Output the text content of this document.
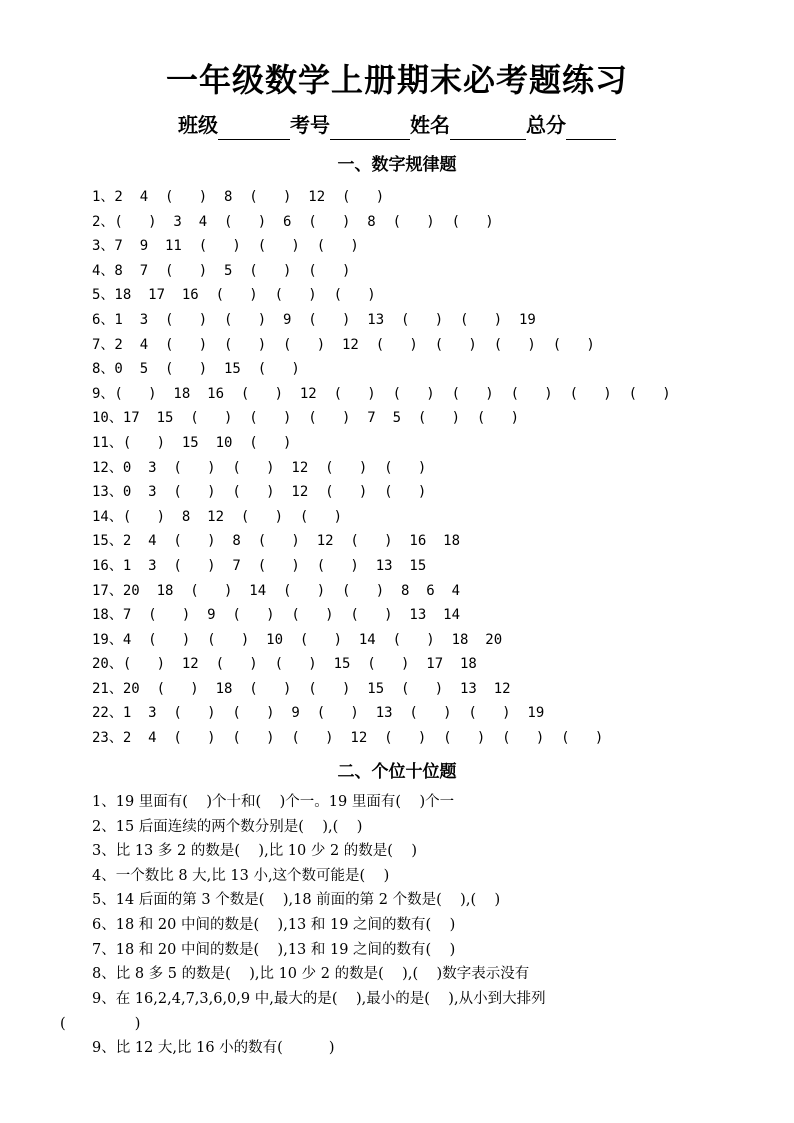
一年级数学上册期末必考题练习
班级	考号	姓名	总分
一、数字规律题
1、2  4  (   )  8  (   )  12  (   )
2、(   )  3  4  (   )  6  (   )  8  (   )  (   )
3、7  9  11  (   )  (   )  (   )
4、8  7  (   )  5  (   )  (   )
5、18  17  16  (   )  (   )  (   )
6、1  3  (   )  (   )  9  (   )  13  (   )  (   )  19
7、2  4  (   )  (   )  (   )  12  (   )  (   )  (   )  (   )
8、0  5  (   )  15  (   )
9、(   )  18  16  (   )  12  (   )  (   )  (   )  (   )  (   )  (   )
10、17  15  (   )  (   )  (   )  7  5  (   )  (   )
11、(   )  15  10  (   )
12、0  3  (   )  (   )  12  (   )  (   )
13、0  3  (   )  (   )  12  (   )  (   )
14、(   )  8  12  (   )  (   )
15、2  4  (   )  8  (   )  12  (   )  16  18
16、1  3  (   )  7  (   )  (   )  13  15
17、20  18  (   )  14  (   )  (   )  8  6  4
18、7  (   )  9  (   )  (   )  (   )  13  14
19、4  (   )  (   )  10  (   )  14  (   )  18  20
20、(   )  12  (   )  (   )  15  (   )  17  18
21、20  (   )  18  (   )  (   )  15  (   )  13  12
22、1  3  (   )  (   )  9  (   )  13  (   )  (   )  19
23、2  4  (   )  (   )  (   )  12  (   )  (   )  (   )  (   )
二、个位十位题
1、19 里面有(    )个十和(    )个一。19 里面有(    )个一
2、15 后面连续的两个数分别是(    ),(    )
3、比 13 多 2 的数是(    ),比 10 少 2 的数是(    )
4、一个数比 8 大,比 13 小,这个数可能是(    )
5、14 后面的第 3 个数是(    ),18 前面的第 2 个数是(    ),(    )
6、18 和 20 中间的数是(    ),13 和 19 之间的数有(    )
7、18 和 20 中间的数是(    ),13 和 19 之间的数有(    )
8、比 8 多 5 的数是(    ),比 10 少 2 的数是(    ),(    )数字表示没有
9、在 16,2,4,7,3,6,0,9 中,最大的是(    ),最小的是(    ),从小到大排列
(               )
9、比 12 大,比 16 小的数有(          )
